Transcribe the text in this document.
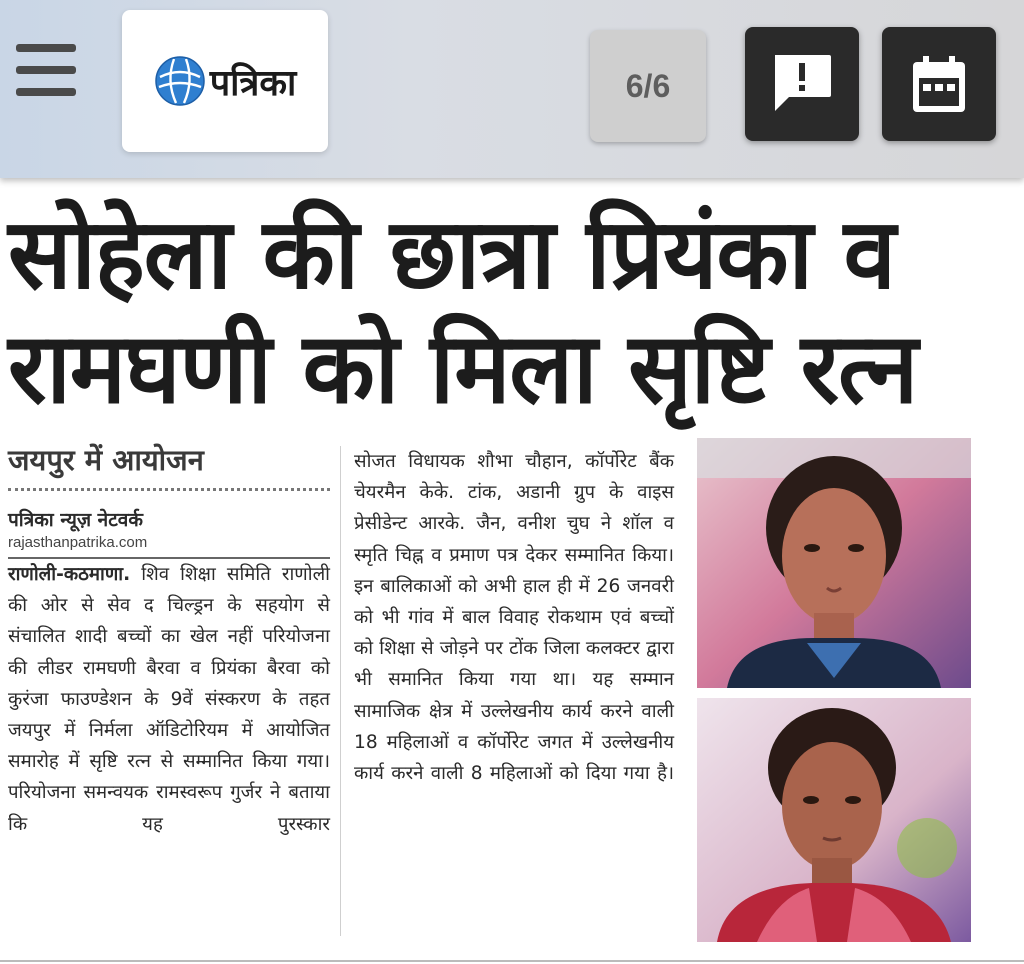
पत्रिका	6/6
सोहेला की छात्रा प्रियंका व
रामघणी को मिला सृष्टि रत्न
जयपुर में आयोजन
पत्रिका न्यूज़ नेटवर्क
rajasthanpatrika.com

राणोली-कठमाणा. शिव शिक्षा समिति राणोली की ओर से सेव द चिल्ड्रन के सहयोग से संचालित शादी बच्चों का खेल नहीं परियोजना की लीडर रामघणी बैरवा व प्रियंका बैरवा को कुरंजा फाउण्डेशन के 9वें संस्करण के तहत जयपुर में निर्मला ऑडिटोरियम में आयोजित समारोह में सृष्टि रत्न से सम्मानित किया गया। परियोजना समन्वयक रामस्वरूप गुर्जर ने बताया कि यह पुरस्कार

सोजत विधायक शौभा चौहान, कॉर्पोरेट बैंक चेयरमैन केके. टांक, अडानी ग्रुप के वाइस प्रेसीडेन्ट आरके. जैन, वनीश चुघ ने शॉल व स्मृति चिह्न व प्रमाण पत्र देकर सम्मानित किया। इन बालिकाओं को अभी हाल ही में 26 जनवरी को भी गांव में बाल विवाह रोकथाम एवं बच्चों को शिक्षा से जोड़ने पर टोंक जिला कलक्टर द्वारा भी समानित किया गया था। यह सम्मान सामाजिक क्षेत्र में उल्लेखनीय कार्य करने वाली 18 महिलाओं व कॉर्पोरेट जगत में उल्लेखनीय कार्य करने वाली 8 महिलाओं को दिया गया है।
